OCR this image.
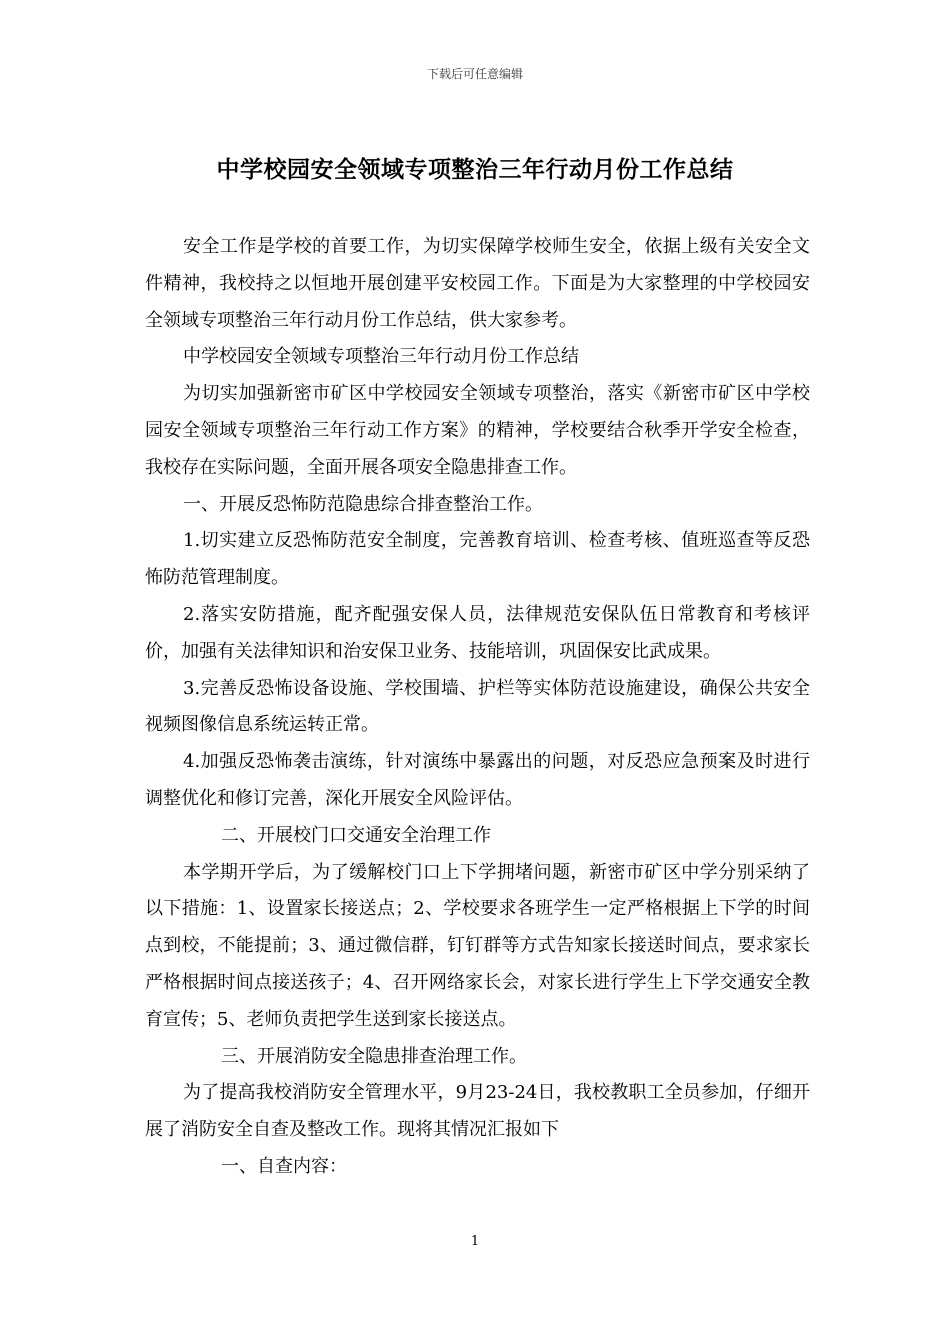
下载后可任意编辑
中学校园安全领域专项整治三年行动月份工作总结

安全工作是学校的首要工作，为切实保障学校师生安全，依据上级有关安全文件精神，我校持之以恒地开展创建平安校园工作。下面是为大家整理的中学校园安全领域专项整治三年行动月份工作总结，供大家参考。

中学校园安全领域专项整治三年行动月份工作总结

为切实加强新密市矿区中学校园安全领域专项整治，落实《新密市矿区中学校园安全领域专项整治三年行动工作方案》的精神，学校要结合秋季开学安全检查，我校存在实际问题，全面开展各项安全隐患排查工作。

一、开展反恐怖防范隐患综合排查整治工作。

1.切实建立反恐怖防范安全制度，完善教育培训、检查考核、值班巡查等反恐怖防范管理制度。

2.落实安防措施，配齐配强安保人员，法律规范安保队伍日常教育和考核评价，加强有关法律知识和治安保卫业务、技能培训，巩固保安比武成果。

3.完善反恐怖设备设施、学校围墙、护栏等实体防范设施建设，确保公共安全视频图像信息系统运转正常。

4.加强反恐怖袭击演练，针对演练中暴露出的问题，对反恐应急预案及时进行调整优化和修订完善，深化开展安全风险评估。

二、开展校门口交通安全治理工作

本学期开学后，为了缓解校门口上下学拥堵问题，新密市矿区中学分别采纳了以下措施：1、设置家长接送点；2、学校要求各班学生一定严格根据上下学的时间点到校，不能提前；3、通过微信群，钉钉群等方式告知家长接送时间点，要求家长严格根据时间点接送孩子；4、召开网络家长会，对家长进行学生上下学交通安全教育宣传；5、老师负责把学生送到家长接送点。

三、开展消防安全隐患排查治理工作。

为了提高我校消防安全管理水平，9月23-24日，我校教职工全员参加，仔细开展了消防安全自查及整改工作。现将其情况汇报如下

一、自查内容：

1
